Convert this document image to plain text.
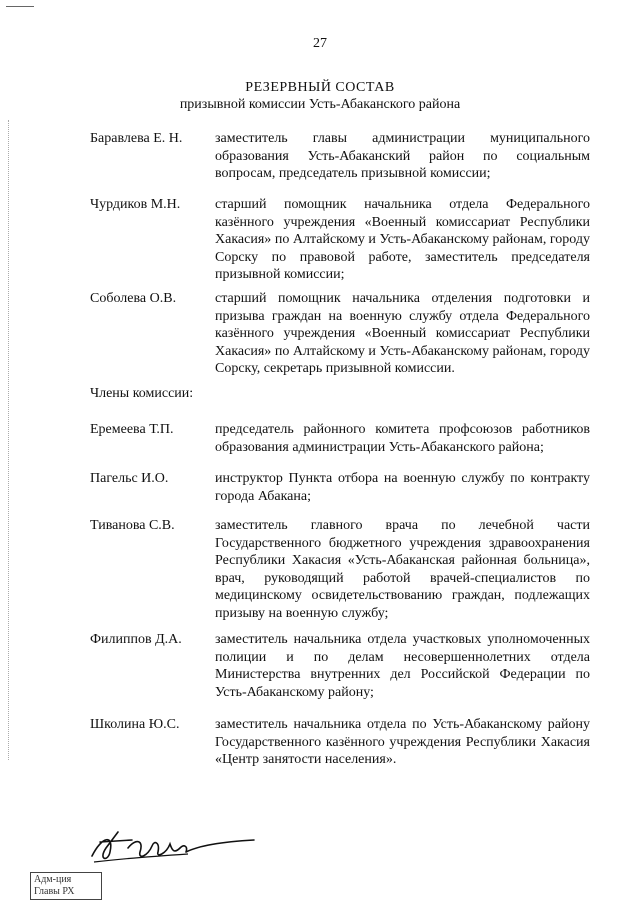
27
РЕЗЕРВНЫЙ СОСТАВ
призывной комиссии Усть-Абаканского района
Баравлева Е. Н. заместитель главы администрации муниципального образования Усть-Абаканский район по социальным вопросам, председатель призывной комиссии;
Чурдиков М.Н. старший помощник начальника отдела Федерального казённого учреждения «Военный комиссариат Республики Хакасия» по Алтайскому и Усть-Абаканскому районам, городу Сорску по правовой работе, заместитель председателя призывной комиссии;
Соболева О.В.	старший помощник начальника отделения подготовки и призыва граждан на военную службу отдела Федерального казённого учреждения «Военный комиссариат Республики Хакасия» по Алтайскому и Усть-Абаканскому районам, городу Сорску, секретарь призывной комиссии.
Члены комиссии:
Еремеева Т.П.	председатель районного комитета профсоюзов работников образования администрации Усть-Абаканского района;
Пагельс И.О.	инструктор Пункта отбора на военную службу по контракту города Абакана;
Тиванова С.В.	заместитель главного врача по лечебной части Государственного бюджетного учреждения здравоохранения Республики Хакасия «Усть-Абаканская районная больница», врач, руководящий работой врачей-специалистов по медицинскому освидетельствованию граждан, подлежащих призыву на военную службу;
Филиппов Д.А. заместитель начальника отдела участковых уполномоченных полиции и по делам несовершеннолетних отдела Министерства внутренних дел Российской Федерации по Усть-Абаканскому району;
Школина Ю.С.	заместитель начальника отдела по Усть-Абаканскому району Государственного казённого учреждения Республики Хакасия «Центр занятости населения».
Адм-ция
Главы РХ
